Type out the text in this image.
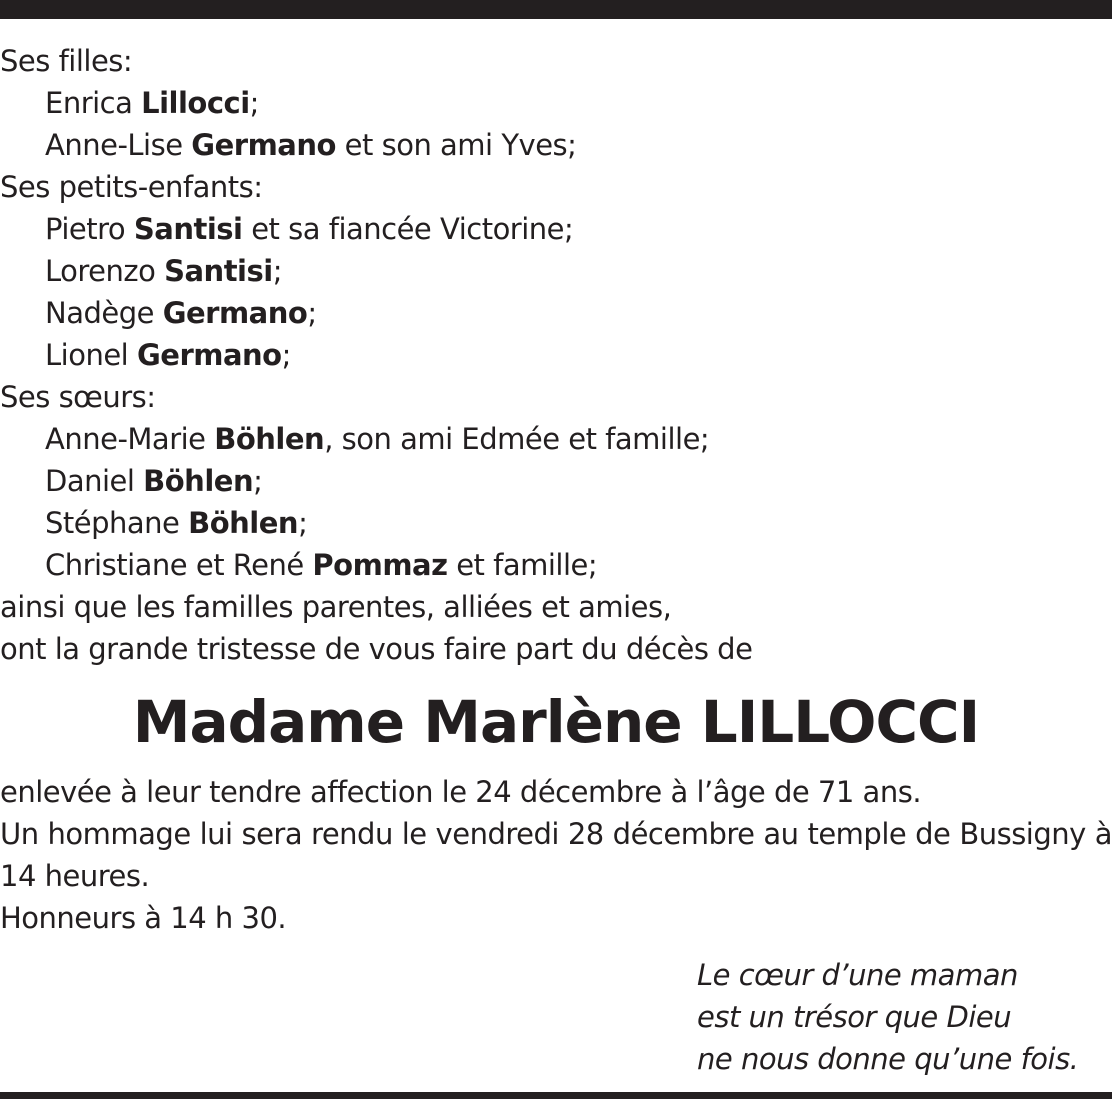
Ses filles:
Enrica Lillocci;
Anne-Lise Germano et son ami Yves;
Ses petits-enfants:
Pietro Santisi et sa fiancée Victorine;
Lorenzo Santisi;
Nadège Germano;
Lionel Germano;
Ses sœurs:
Anne-Marie Böhlen, son ami Edmée et famille;
Daniel Böhlen;
Stéphane Böhlen;
Christiane et René Pommaz et famille;
ainsi que les familles parentes, alliées et amies,
ont la grande tristesse de vous faire part du décès de
Madame Marlène LILLOCCI

enlevée à leur tendre affection le 24 décembre à l’âge de 71 ans.

Un hommage lui sera rendu le vendredi 28 décembre au temple de Bussigny à 14 heures.

Honneurs à 14 h 30.

Le cœur d’une maman
est un trésor que Dieu
ne nous donne qu’une fois.
